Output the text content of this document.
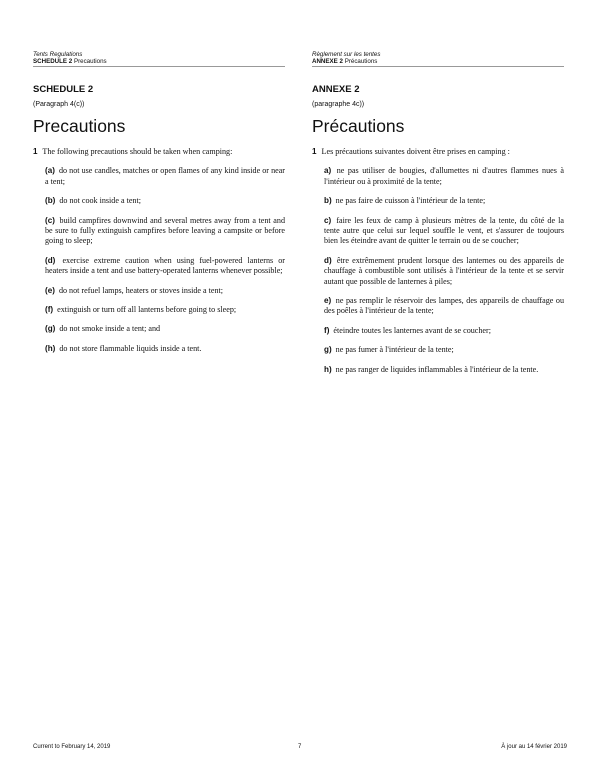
Tents Regulations
SCHEDULE 2 Precautions
SCHEDULE 2
(Paragraph 4(c))
Precautions
1 The following precautions should be taken when camping:
(a) do not use candles, matches or open flames of any kind inside or near a tent;
(b) do not cook inside a tent;
(c) build campfires downwind and several metres away from a tent and be sure to fully extinguish campfires before leaving a campsite or before going to sleep;
(d) exercise extreme caution when using fuel-powered lanterns or heaters inside a tent and use battery-operated lanterns whenever possible;
(e) do not refuel lamps, heaters or stoves inside a tent;
(f) extinguish or turn off all lanterns before going to sleep;
(g) do not smoke inside a tent; and
(h) do not store flammable liquids inside a tent.
Règlement sur les tentes
ANNEXE 2 Précautions
ANNEXE 2
(paragraphe 4c))
Précautions
1 Les précautions suivantes doivent être prises en camping :
a) ne pas utiliser de bougies, d'allumettes ni d'autres flammes nues à l'intérieur ou à proximité de la tente;
b) ne pas faire de cuisson à l'intérieur de la tente;
c) faire les feux de camp à plusieurs mètres de la tente, du côté de la tente autre que celui sur lequel souffle le vent, et s'assurer de toujours bien les éteindre avant de quitter le terrain ou de se coucher;
d) être extrêmement prudent lorsque des lanternes ou des appareils de chauffage à combustible sont utilisés à l'intérieur de la tente et se servir autant que possible de lanternes à piles;
e) ne pas remplir le réservoir des lampes, des appareils de chauffage ou des poêles à l'intérieur de la tente;
f) éteindre toutes les lanternes avant de se coucher;
g) ne pas fumer à l'intérieur de la tente;
h) ne pas ranger de liquides inflammables à l'intérieur de la tente.
Current to February 14, 2019	7	À jour au 14 février 2019
